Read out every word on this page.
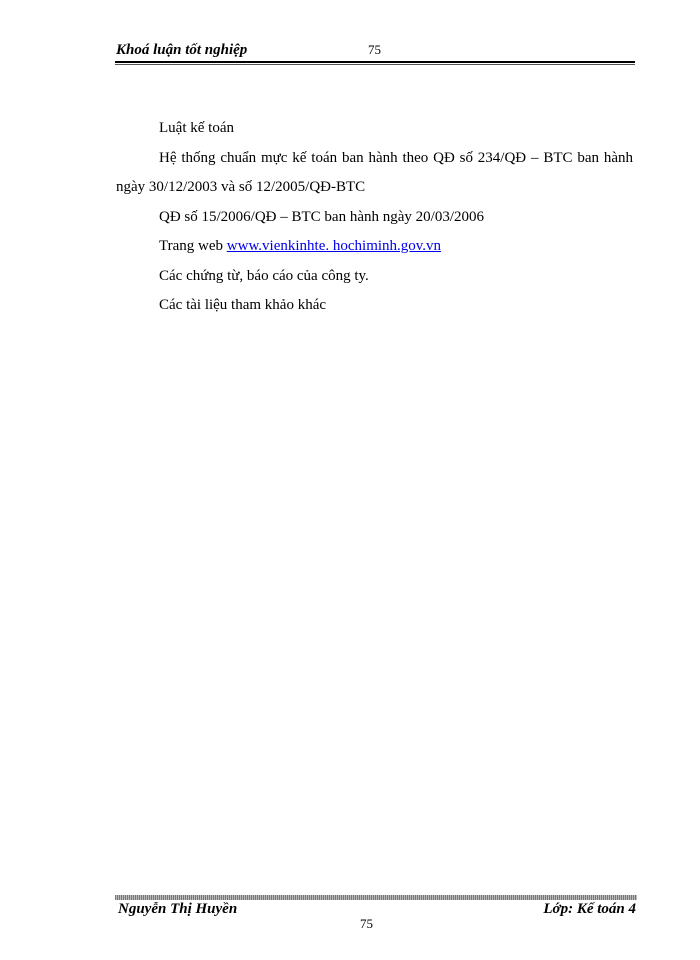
Khoá luận tốt nghiệp	75

Luật kế toán

Hệ thống chuẩn mực kế toán ban hành theo QĐ số 234/QĐ – BTC ban hành ngày 30/12/2003 và số 12/2005/QĐ-BTC

QĐ số 15/2006/QĐ – BTC ban hành ngày 20/03/2006

Trang web www.vienkinhte. hochiminh.gov.vn

Các chứng từ, báo cáo của công ty.

Các tài liệu tham khảo khác

Nguyễn Thị Huyền	Lớp: Kế toán 4
75
